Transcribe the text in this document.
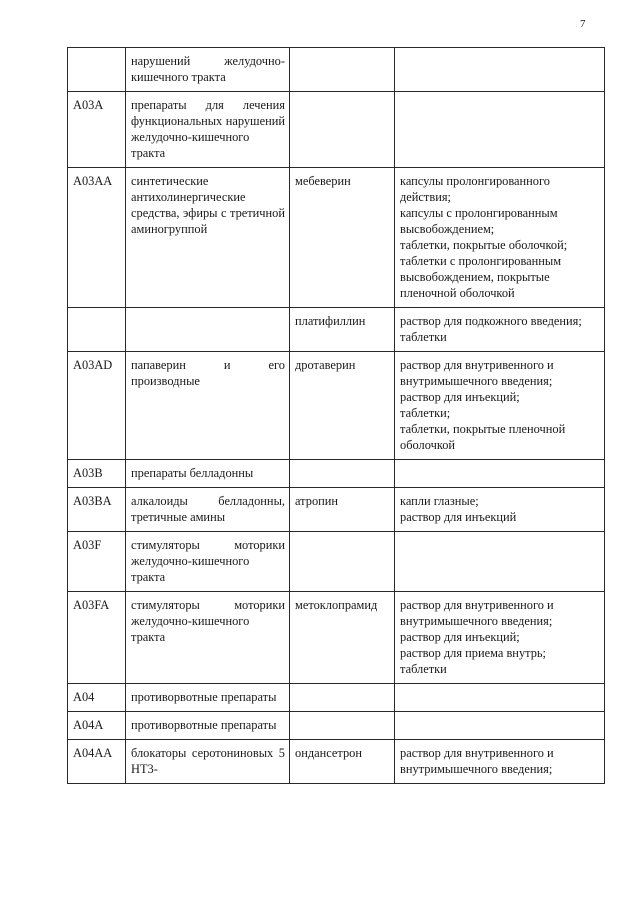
7
	нарушений желудочно-кишечного тракта		
A03A	препараты для лечения функциональных нарушений желудочно-кишечного тракта		
A03AA	синтетические антихолинергические средства, эфиры с третичной аминогруппой	мебеверин	капсулы пролонгированного действия;
капсулы с пролонгированным высвобождением;
таблетки, покрытые оболочкой;
таблетки с пролонгированным высвобождением, покрытые пленочной оболочкой

		платифиллин	раствор для подкожного введения;
таблетки

A03AD	папаверин и его производные	дротаверин	раствор для внутривенного и внутримышечного введения;
раствор для инъекций;
таблетки;
таблетки, покрытые пленочной оболочкой

A03B	препараты белладонны		
A03BA	алкалоиды белладонны, третичные амины	атропин	капли глазные;
раствор для инъекций

A03F	стимуляторы моторики желудочно-кишечного тракта		
A03FA	стимуляторы моторики желудочно-кишечного тракта	метоклопрамид	раствор для внутривенного и внутримышечного введения;
раствор для инъекций;
раствор для приема внутрь;
таблетки

A04	противорвотные препараты		
A04A	противорвотные препараты		
A04AA	блокаторы серотониновых 5 HT3-	ондансетрон	раствор для внутривенного и внутримышечного введения;
